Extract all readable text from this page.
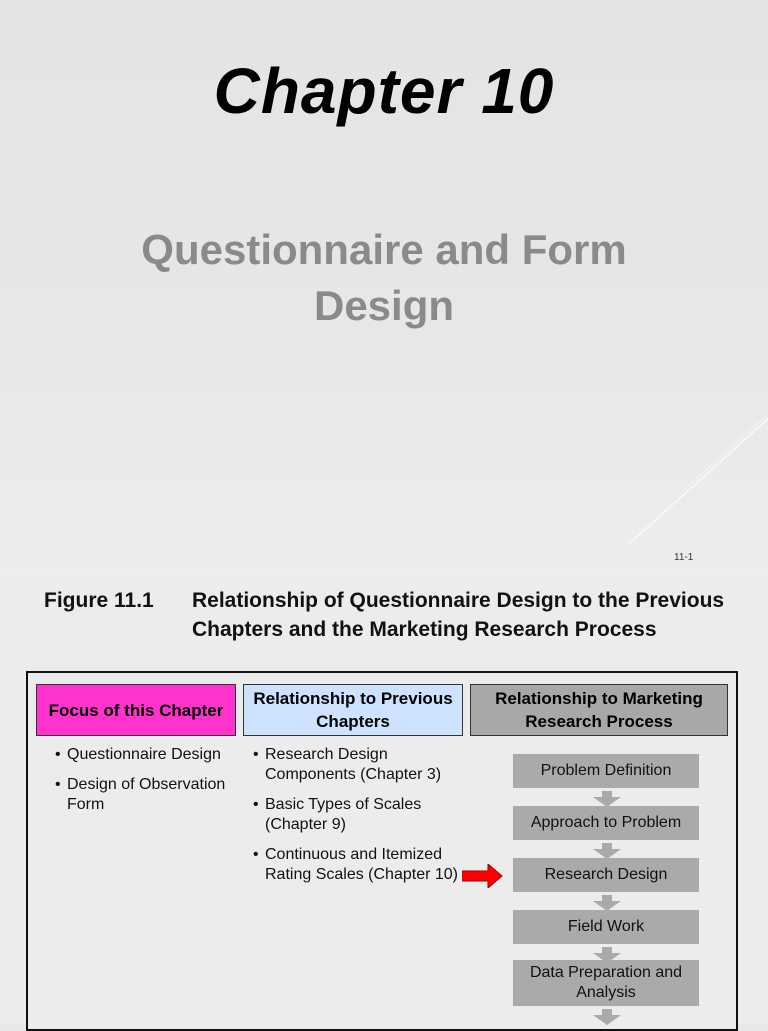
Chapter 10
Questionnaire and Form Design
11-1
Figure 11.1 Relationship of Questionnaire Design to the Previous Chapters and the Marketing Research Process
Focus of this Chapter
Relationship to Previous Chapters
Relationship to Marketing Research Process
• Questionnaire Design
• Design of Observation Form
• Research Design Components (Chapter 3)
• Basic Types of Scales (Chapter 9)
• Continuous and Itemized Rating Scales (Chapter 10)
Problem Definition
Approach to Problem
Research Design
Field Work
Data Preparation and Analysis
